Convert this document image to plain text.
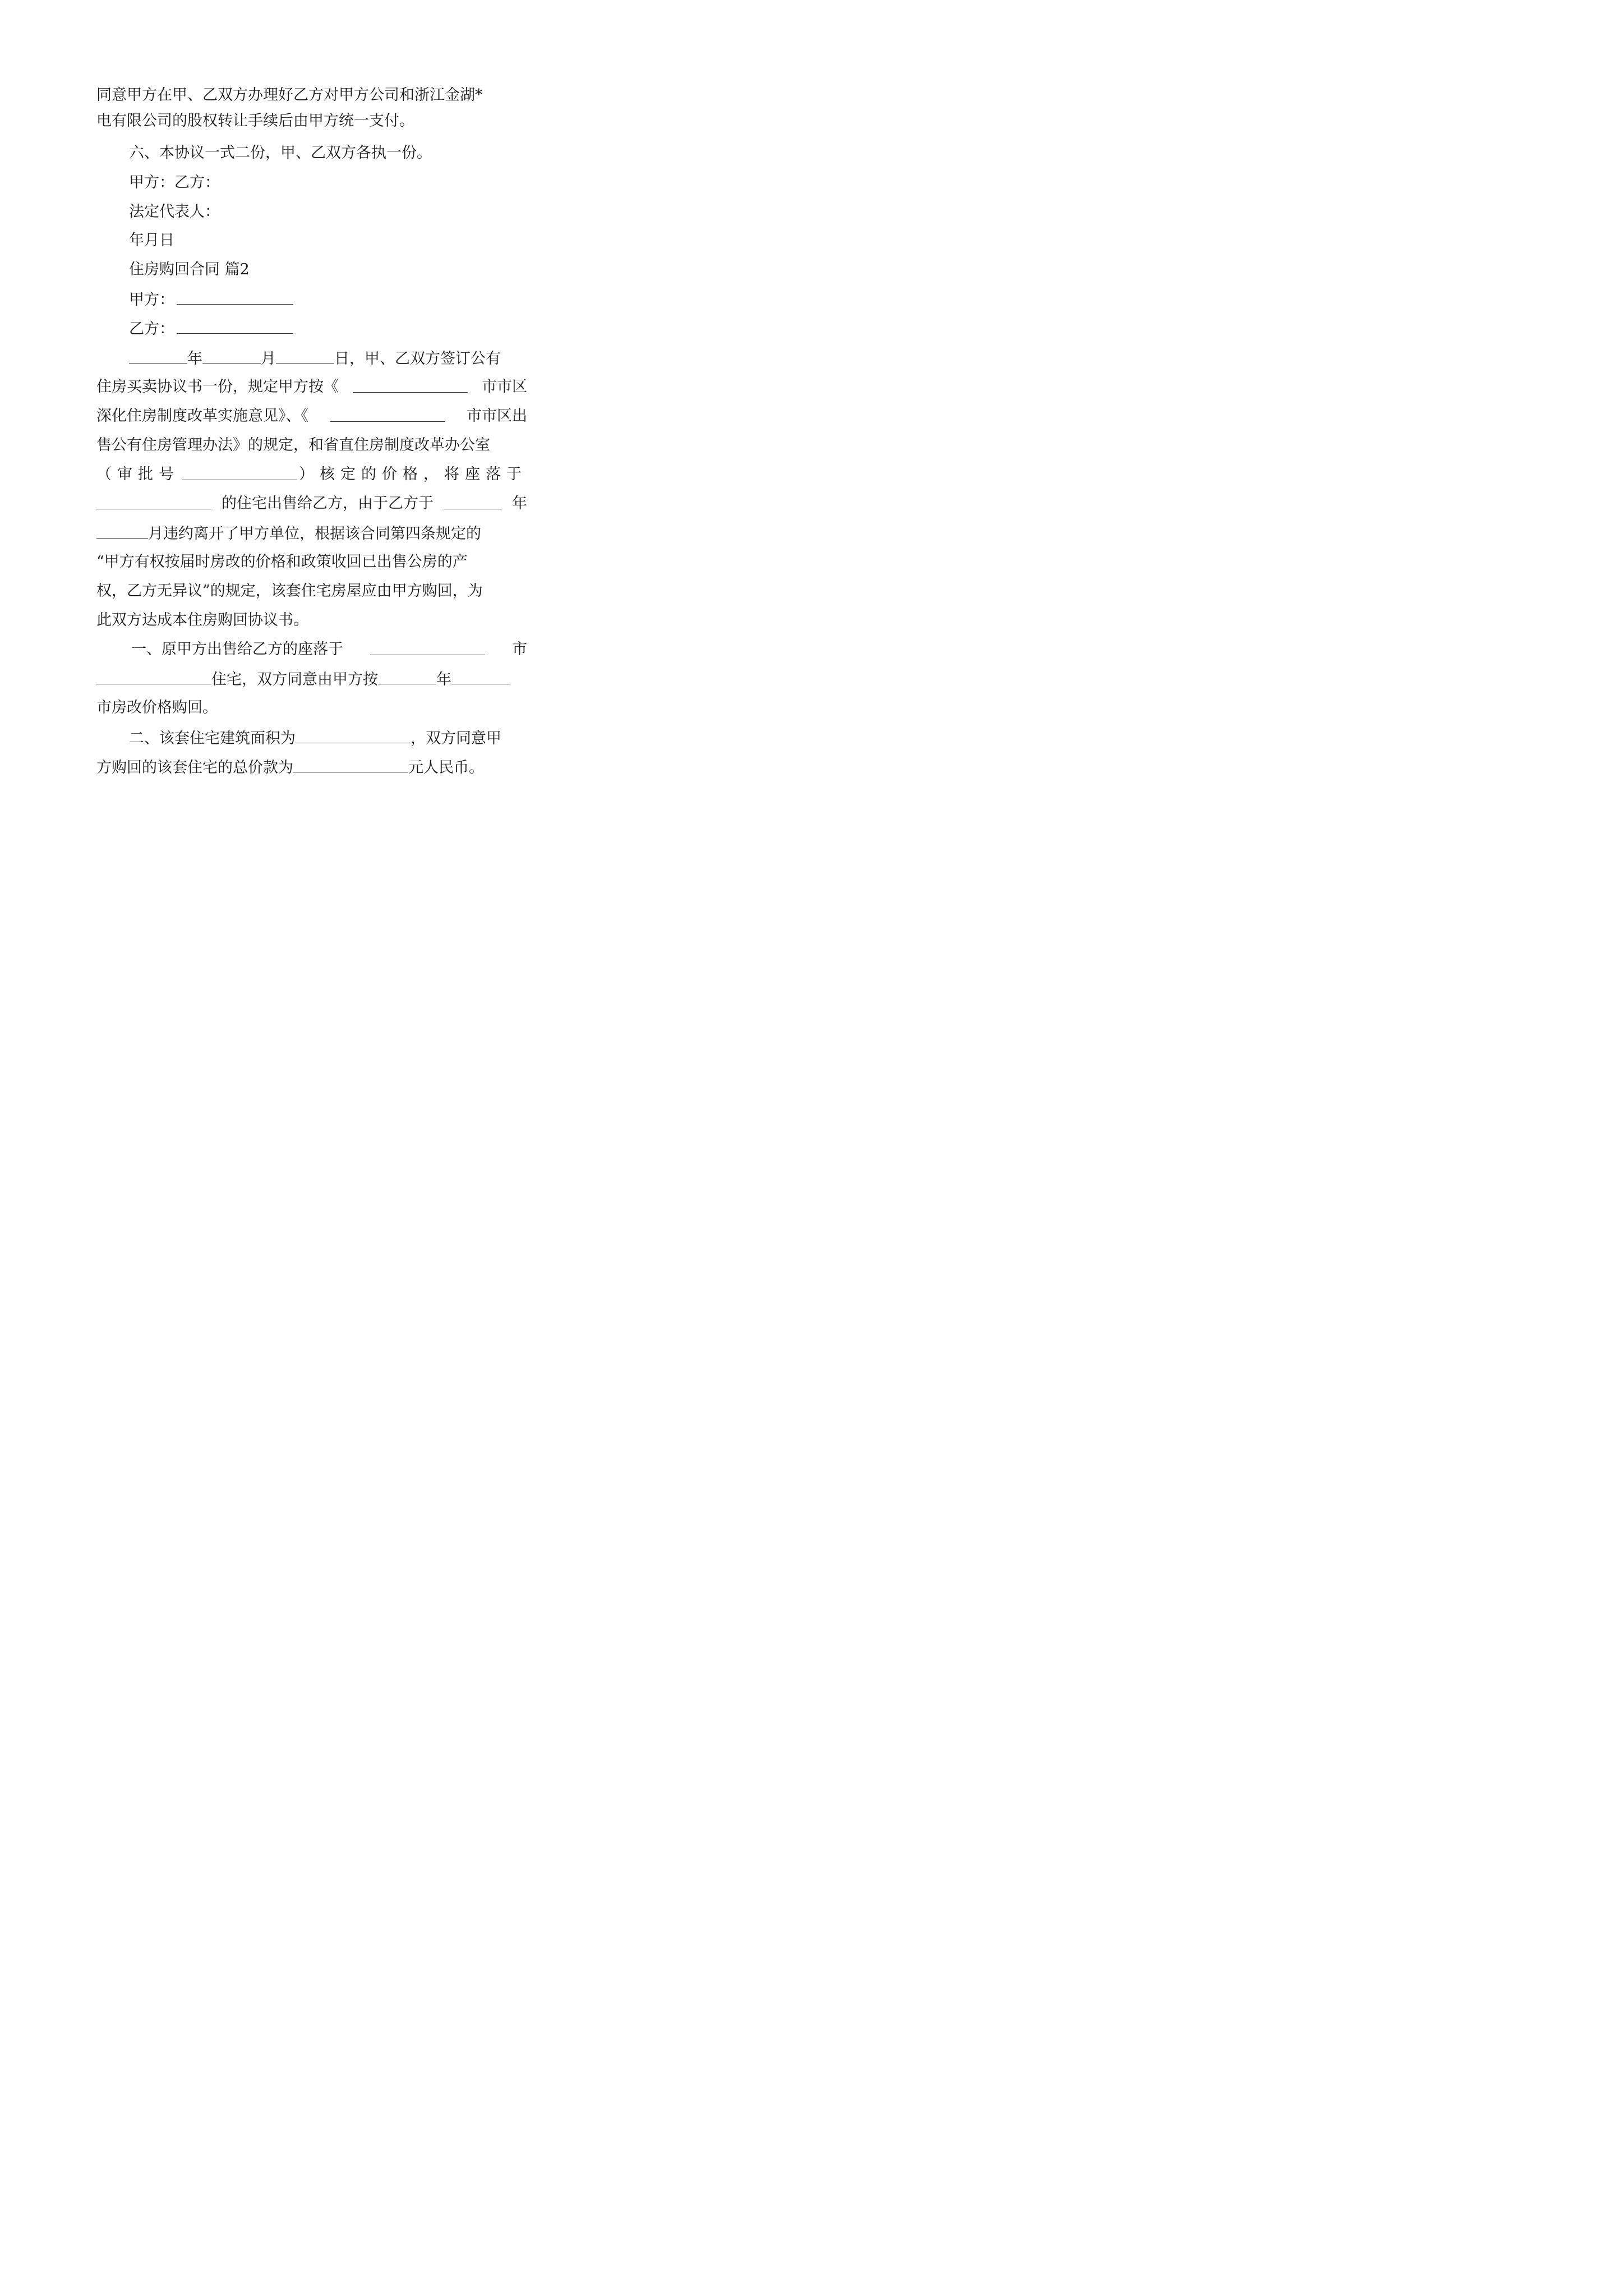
同意甲方在甲、乙双方办理好乙方对甲方公司和浙江金湖*
电有限公司的股权转让手续后由甲方统一支付。
六、本协议一式二份，甲、乙双方各执一份。
甲方：乙方：
法定代表人：
年月日
住房购回合同 篇2
甲方：
乙方：
年	月	日，甲、乙双方签订公有
住房买卖协议书一份，规定甲方按《	市市区
深化住房制度改革实施意见》、《	市市区出
售公有住房管理办法》的规定，和省直住房制度改革办公室
（审批号	）核定的价格，将座落于
的住宅出售给乙方，由于乙方于	年
月违约离开了甲方单位，根据该合同第四条规定的
“甲方有权按届时房改的价格和政策收回已出售公房的产
权，乙方无异议”的规定，该套住宅房屋应由甲方购回，为
此双方达成本住房购回协议书。
一、原甲方出售给乙方的座落于	市
住宅，双方同意由甲方按	年
市房改价格购回。
二、该套住宅建筑面积为	，双方同意甲
方购回的该套住宅的总价款为	元人民币。
